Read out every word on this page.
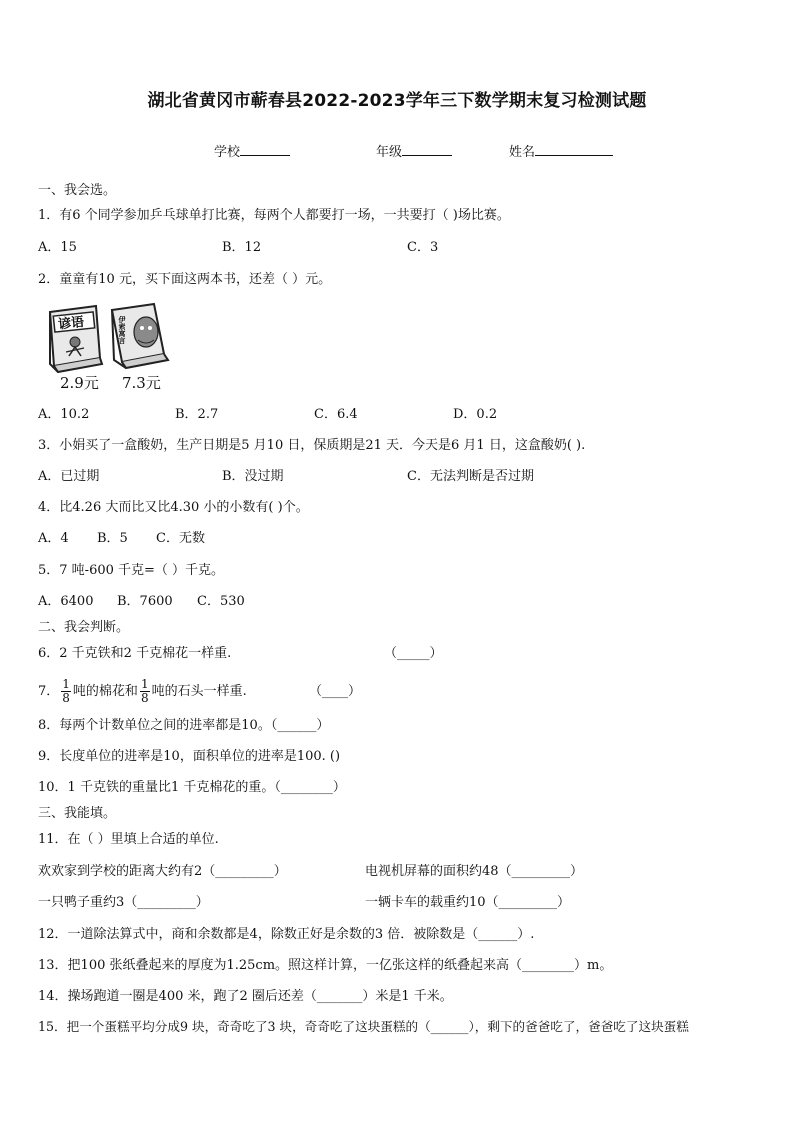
湖北省黄冈市蕲春县2022-2023学年三下数学期末复习检测试题
学校	年级	姓名
一、我会选。
1．有6 个同学参加乒乓球单打比赛，每两个人都要打一场，一共要打（ )场比赛。
A．15	B．12	C．3
2．童童有10 元，买下面这两本书，还差（ ）元。
谚语	伊索寓言
2.9元 7.3元
A．10.2	B．2.7	C．6.4	D．0.2
3．小娟买了一盒酸奶，生产日期是5 月10 日，保质期是21 天．今天是6 月1 日，这盒酸奶( ).
A．已过期	B．没过期	C．无法判断是否过期
4．比4.26 大而比又比4.30 小的小数有( )个。
A．4 B．5 C．无数
5．7 吨-600 千克=（ ）千克。
A．6400 B．7600 C．530
二、我会判断。
6．2 千克铁和2 千克棉花一样重.	（_____）
7． $\frac{1}{8}$ 吨的棉花和 $\frac{1}{8}$ 吨的石头一样重.	（____）
8．每两个计数单位之间的进率都是10。（______）
9．长度单位的进率是10，面积单位的进率是100. ()
10．1 千克铁的重量比1 千克棉花的重。（________）
三、我能填。
11．在（ ）里填上合适的单位.
欢欢家到学校的距离大约有2（_________）	电视机屏幕的面积约48（_________）
一只鸭子重约3（_________）	一辆卡车的载重约10（_________）
12．一道除法算式中，商和余数都是4，除数正好是余数的3 倍．被除数是（______）.
13．把100 张纸叠起来的厚度为1.25cm。照这样计算，一亿张这样的纸叠起来高（________）m。
14．操场跑道一圈是400 米，跑了2 圈后还差（_______）米是1 千米。
15．把一个蛋糕平均分成9 块，奇奇吃了3 块，奇奇吃了这块蛋糕的（______），剩下的爸爸吃了，爸爸吃了这块蛋糕
